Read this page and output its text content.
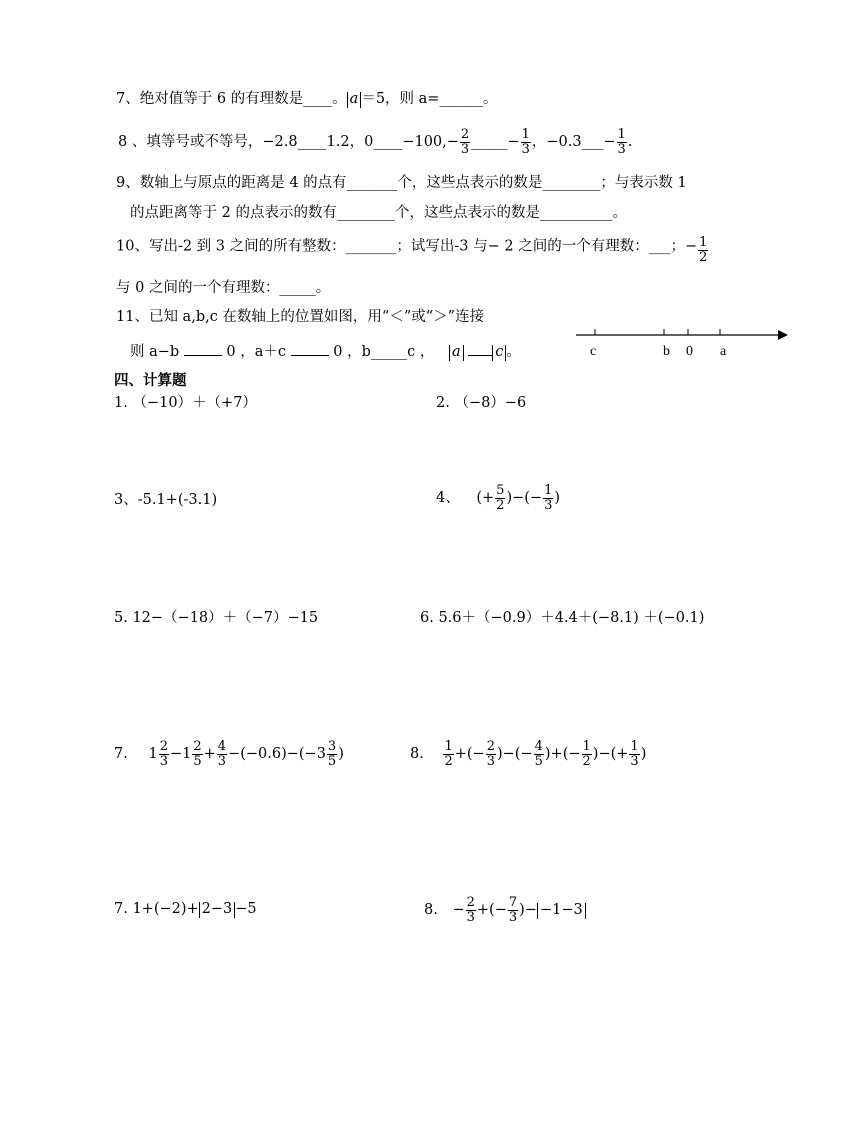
7、绝对值等于 6 的有理数是____。 a ＝5，则 a=______。
8 、填等号或不等号，−2.8____1.2，0____−100,− $\frac{2}{3}$ _____− $\frac{1}{3}$ ，−0.3___− $\frac{1}{3}$ .
9、数轴上与原点的距离是 4 的点有_______个，这些点表示的数是________；与表示数 1
的点距离等于 2 的点表示的数有________个，这些点表示的数是__________。
10、写出-2 到 3 之间的所有整数：_______；试写出-3 与− 2 之间的一个有理数：___；− $\frac{1}{2}$
与 0 之间的一个有理数：_____。
11、已知 a,b,c 在数轴上的位置如图，用“＜”或“＞”连接
则 a−b	0 ，a＋c	0 ，b_____c ， a c 。	c	b 0 a
四、计算题
1. （−10）＋（+7）	2. （−8）−6
3、-5.1+(-3.1)	4、 (+ $\frac{5}{2}$ )−(− $\frac{1}{3}$ )
5. 12−（−18）＋（−7）−15	6. 5.6＋（−0.9）＋4.4＋(−8.1) ＋(−0.1)
7. $1 \frac{2}{3} -1 \frac{2}{5} + \frac{4}{3} -(-0.6)-(-3 \frac{3}{5}$ )	8. $\frac{1}{2}$ +(− $\frac{2}{3}$ )−(− $\frac{4}{5}$ )+(− $\frac{1}{2}$ )−(+ $\frac{1}{3}$ )
7. 1+(−2)+ 2−3 −5	8. − $\frac{2}{3}$ +(− $\frac{7}{3}$ )− −1−3
